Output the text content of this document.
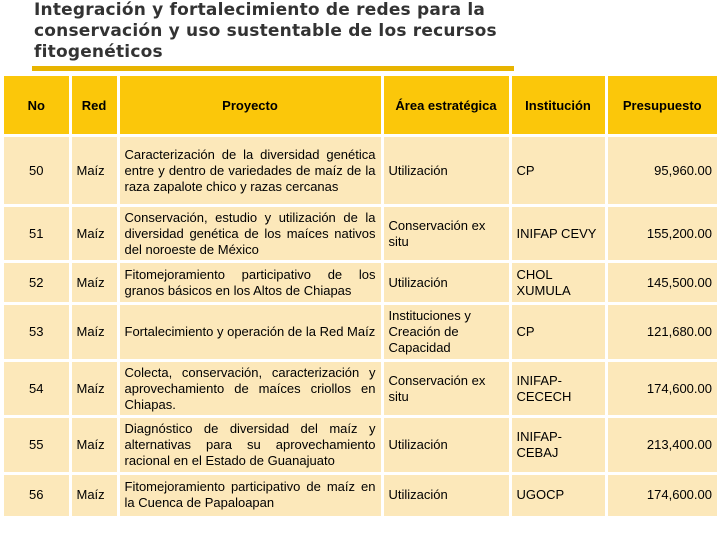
Integración y fortalecimiento de redes para la conservación y uso sustentable de los recursos fitogenéticos
No	Red	Proyecto	Área estratégica	Institución	Presupuesto
50	Maíz	Caracterización de la diversidad genética entre y dentro de variedades de maíz de la raza zapalote chico y razas cercanas	Utilización	CP	95,960.00
51	Maíz	Conservación, estudio y utilización de la diversidad genética de los maíces nativos del noroeste de México	Conservación ex situ	INIFAP CEVY	155,200.00
52	Maíz	Fitomejoramiento participativo de los granos básicos en los Altos de Chiapas	Utilización	CHOL XUMULA	145,500.00
53	Maíz	Fortalecimiento y operación de la Red Maíz	Instituciones y Creación de Capacidad	CP	121,680.00
54	Maíz	Colecta, conservación, caracterización y aprovechamiento de maíces criollos en Chiapas.	Conservación ex situ	INIFAP-CECECH	174,600.00
55	Maíz	Diagnóstico de diversidad del maíz y alternativas para su aprovechamiento racional en el Estado de Guanajuato	Utilización	INIFAP-CEBAJ	213,400.00
56	Maíz	Fitomejoramiento participativo de maíz en la Cuenca de Papaloapan	Utilización	UGOCP	174,600.00
